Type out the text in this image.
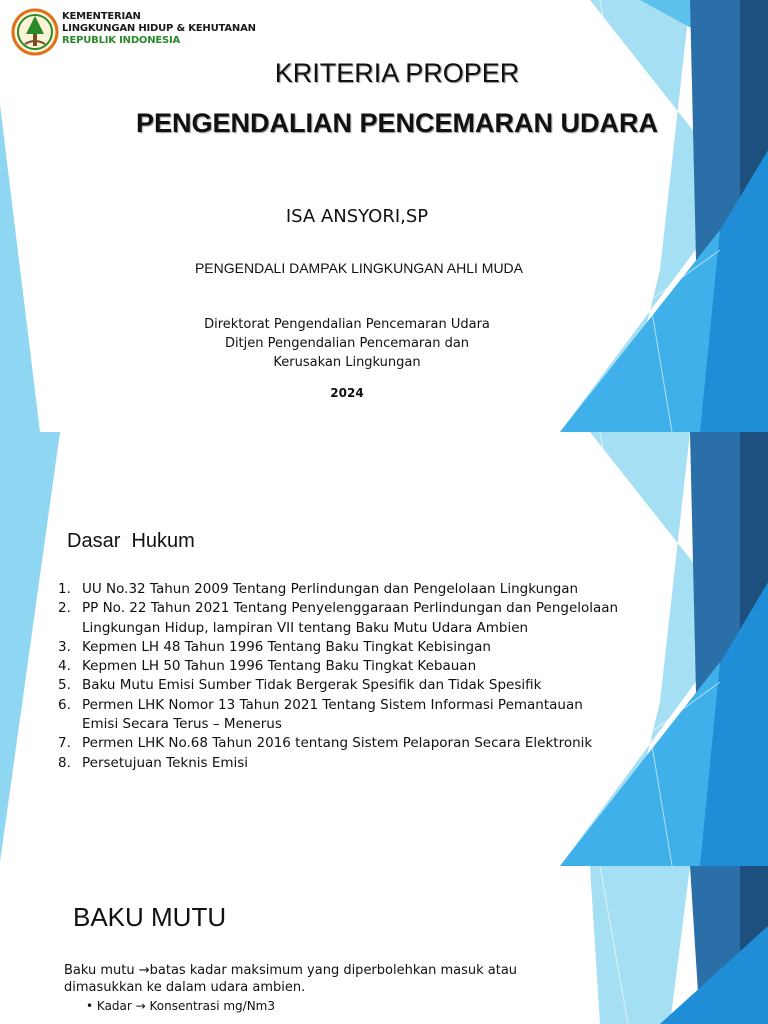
KEMENTERIAN
LINGKUNGAN HIDUP & KEHUTANAN
REPUBLIK INDONESIA
KRITERIA PROPER
PENGENDALIAN PENCEMARAN UDARA
ISA ANSYORI,SP
PENGENDALI DAMPAK LINGKUNGAN AHLI MUDA
Direktorat Pengendalian Pencemaran Udara
Ditjen Pengendalian Pencemaran dan
Kerusakan Lingkungan
2024
Dasar  Hukum
1. UU No.32 Tahun 2009 Tentang Perlindungan dan Pengelolaan Lingkungan
2. PP No. 22 Tahun 2021 Tentang Penyelenggaraan Perlindungan dan Pengelolaan Lingkungan Hidup, lampiran VII tentang Baku Mutu Udara Ambien
3. Kepmen LH 48 Tahun 1996 Tentang Baku Tingkat Kebisingan
4. Kepmen LH 50 Tahun 1996 Tentang Baku Tingkat Kebauan
5. Baku Mutu Emisi Sumber Tidak Bergerak Spesifik dan Tidak Spesifik
6. Permen LHK Nomor 13 Tahun 2021 Tentang Sistem Informasi Pemantauan Emisi Secara Terus – Menerus
7. Permen LHK No.68 Tahun 2016 tentang Sistem Pelaporan Secara Elektronik
8. Persetujuan Teknis Emisi
BAKU MUTU
Baku mutu →batas kadar maksimum yang diperbolehkan masuk atau dimasukkan ke dalam udara ambien.
• Kadar → Konsentrasi mg/Nm3
